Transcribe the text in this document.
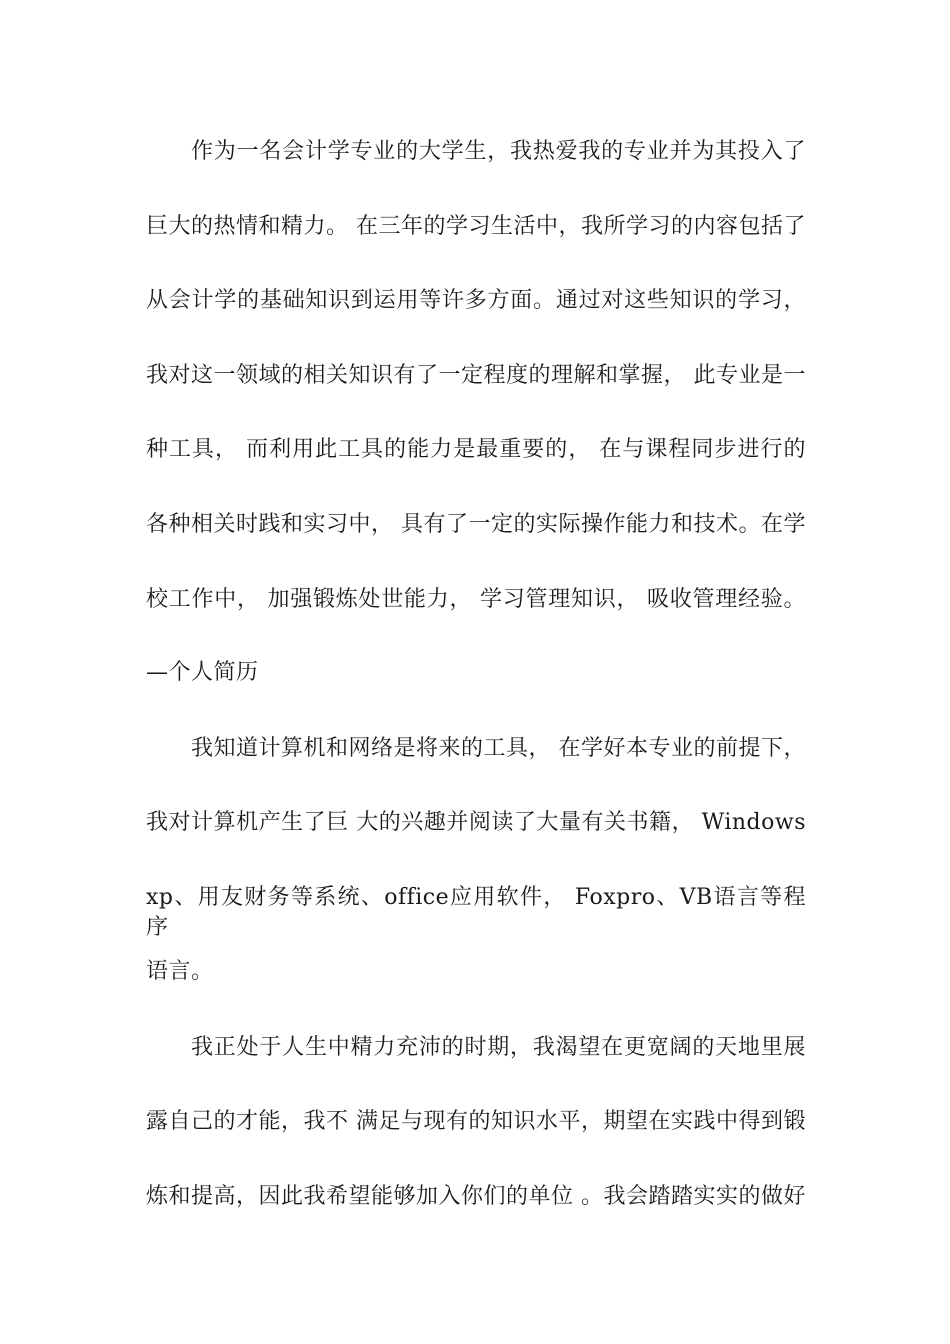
作为一名会计学专业的大学生，我热爱我的专业并为其投入了
巨大的热情和精力。 在三年的学习生活中，我所学习的内容包括了
从会计学的基础知识到运用等许多方面。通过对这些知识的学习，
我对这一领域的相关知识有了一定程度的理解和掌握， 此专业是一
种工具， 而利用此工具的能力是最重要的， 在与课程同步进行的
各种相关时践和实习中， 具有了一定的实际操作能力和技术。在学
校工作中， 加强锻炼处世能力， 学习管理知识， 吸收管理经验。
—个人简历
我知道计算机和网络是将来的工具， 在学好本专业的前提下，
我对计算机产生了巨 大的兴趣并阅读了大量有关书籍， Windows
xp、用友财务等系统、office应用软件， Foxpro、VB语言等程序
语言。
我正处于人生中精力充沛的时期，我渴望在更宽阔的天地里展
露自己的才能，我不 满足与现有的知识水平，期望在实践中得到锻
炼和提高，因此我希望能够加入你们的单位 。我会踏踏实实的做好
